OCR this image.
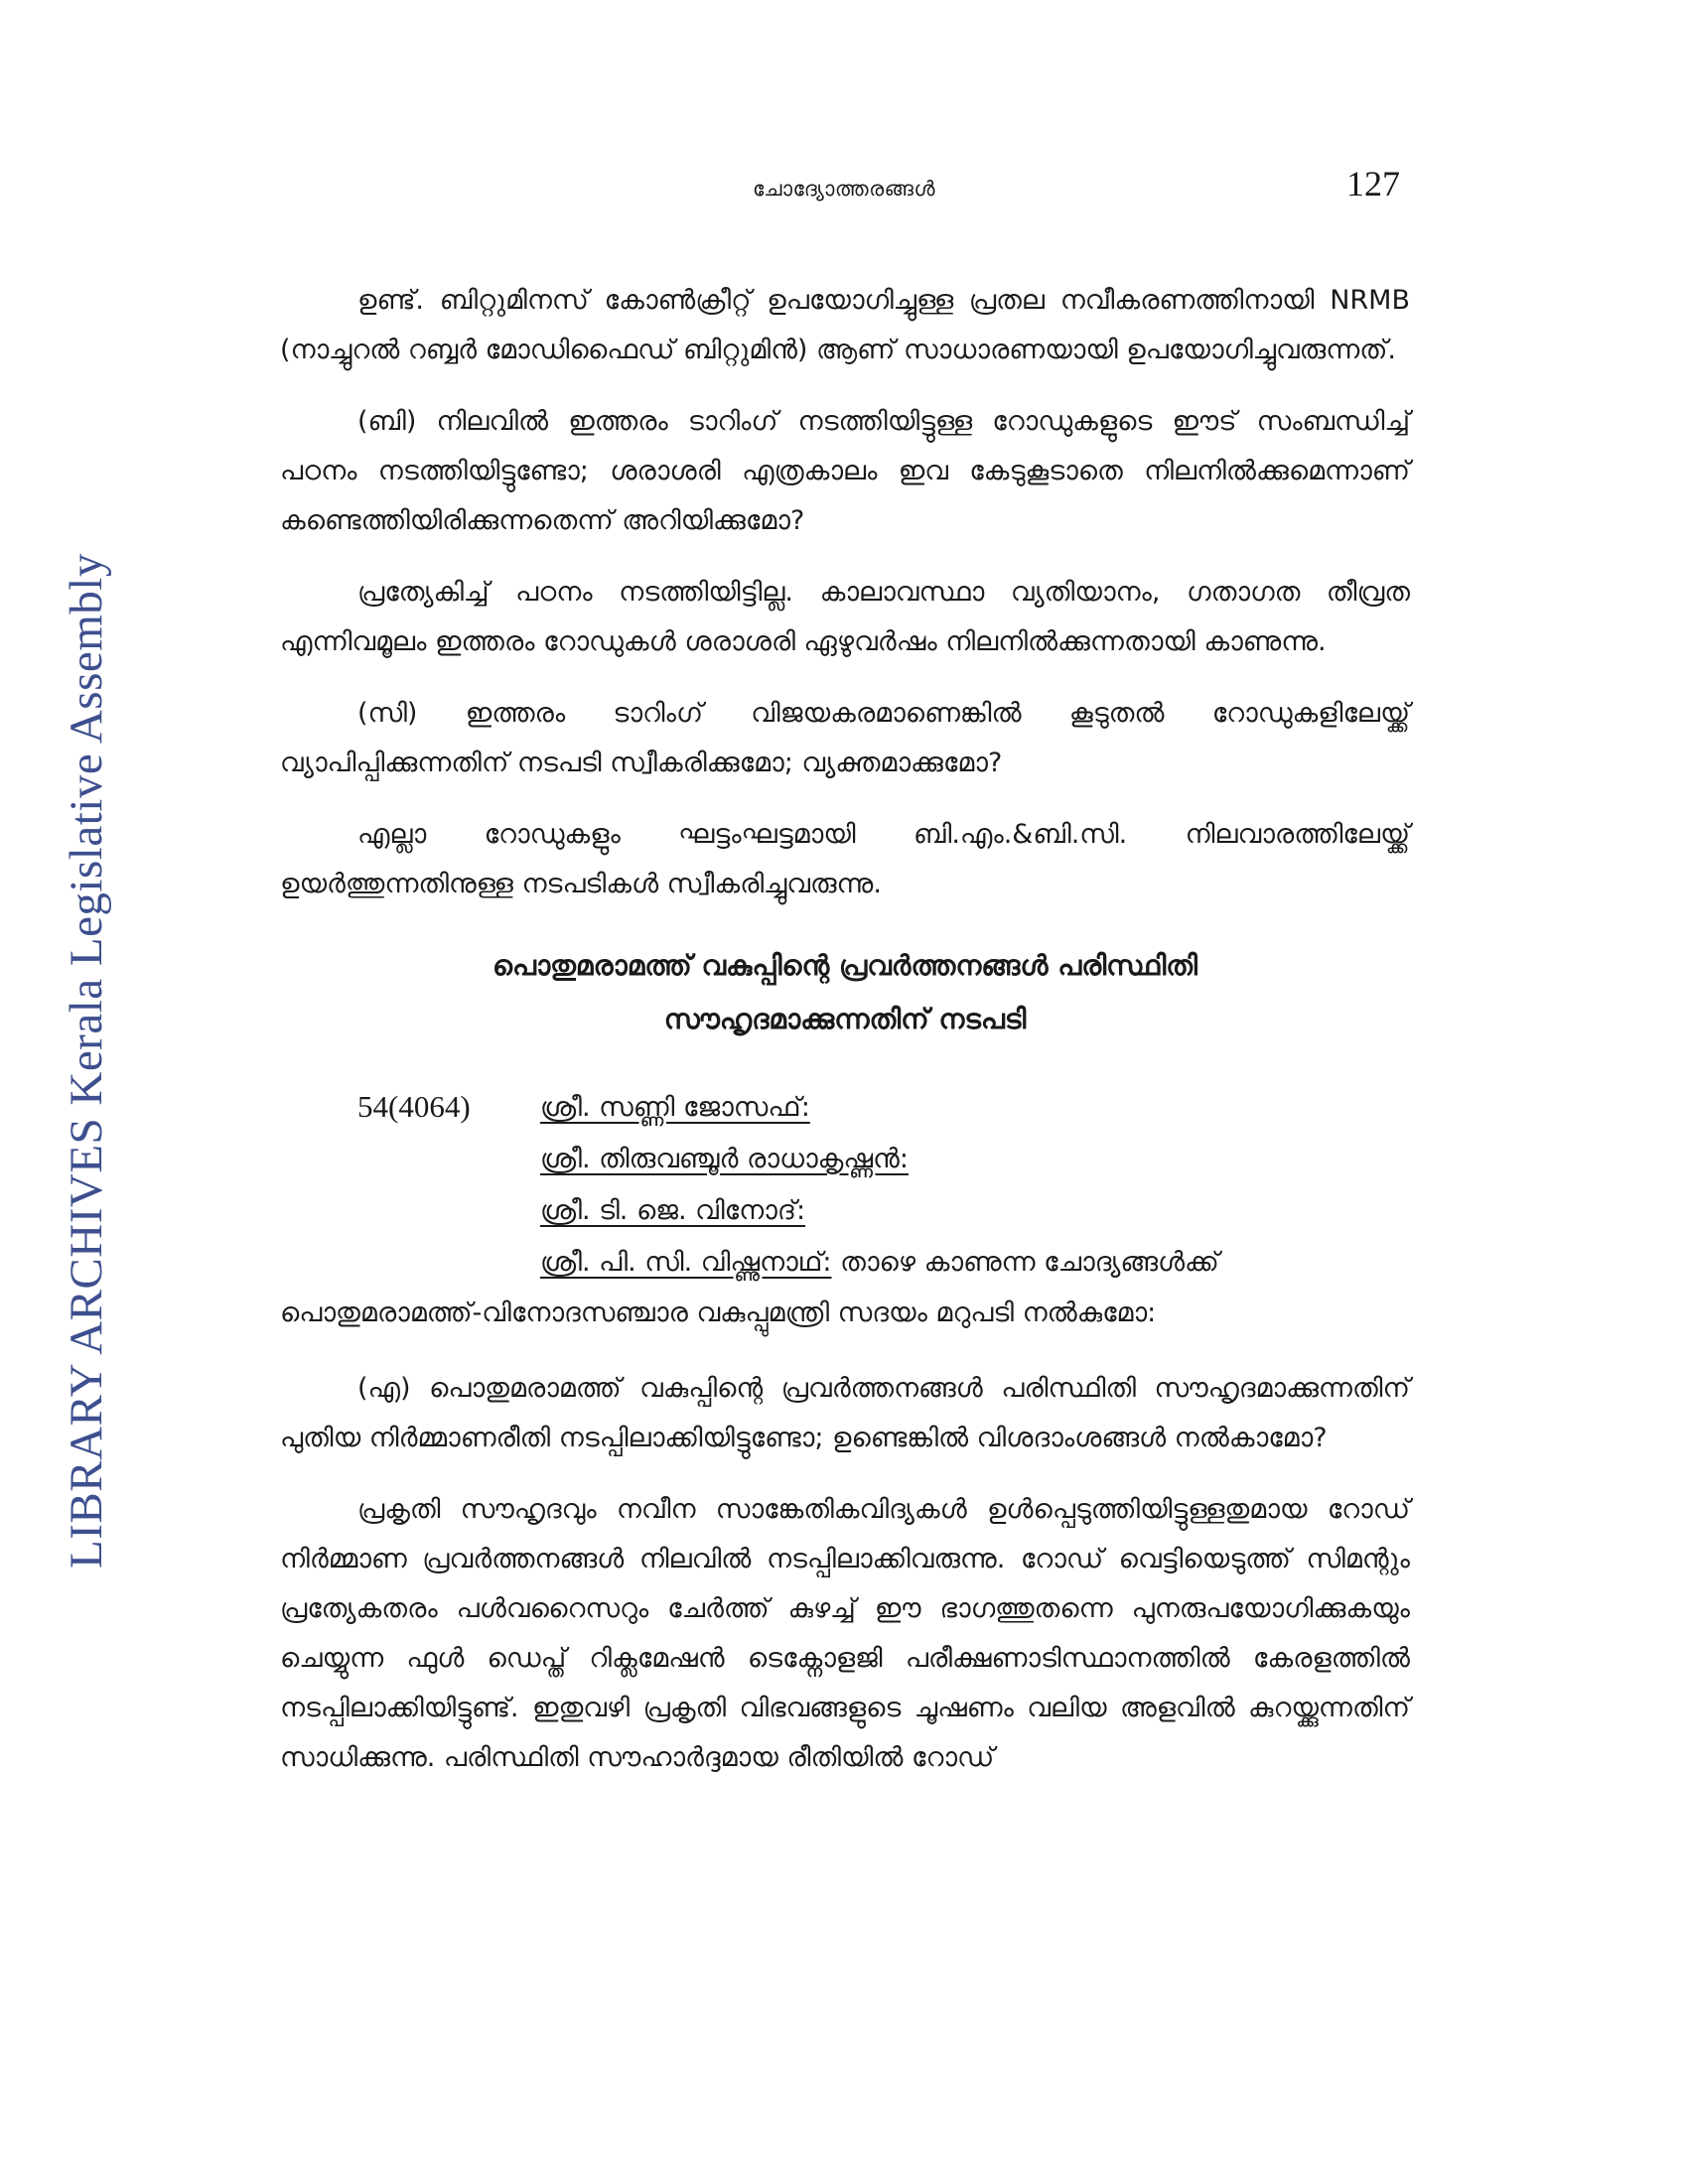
ചോദ്യോത്തരങ്ങൾ	127
LIBRARY ARCHIVES Kerala Legislative Assembly

ഉണ്ട്. ബിറ്റുമിനസ് കോൺക്രീറ്റ് ഉപയോഗിച്ചുള്ള പ്രതല നവീകരണത്തിനായി NRMB (നാച്ചുറൽ റബ്ബർ മോഡിഫൈഡ് ബിറ്റുമിൻ) ആണ് സാധാരണയായി ഉപയോഗിച്ചുവരുന്നത്.

(ബി) നിലവിൽ ഇത്തരം ടാറിംഗ് നടത്തിയിട്ടുള്ള റോഡുകളുടെ ഈട് സംബന്ധിച്ച് പഠനം നടത്തിയിട്ടുണ്ടോ; ശരാശരി എത്രകാലം ഇവ കേടുകൂടാതെ നിലനിൽക്കുമെന്നാണ് കണ്ടെത്തിയിരിക്കുന്നതെന്ന് അറിയിക്കുമോ?

പ്രത്യേകിച്ച് പഠനം നടത്തിയിട്ടില്ല. കാലാവസ്ഥാ വ്യതിയാനം, ഗതാഗത തീവ്രത എന്നിവമൂലം ഇത്തരം റോഡുകൾ ശരാശരി ഏഴുവർഷം നിലനിൽക്കുന്നതായി കാണുന്നു.

(സി) ഇത്തരം ടാറിംഗ് വിജയകരമാണെങ്കിൽ കൂടുതൽ റോഡുകളിലേയ്ക്ക് വ്യാപിപ്പിക്കുന്നതിന് നടപടി സ്വീകരിക്കുമോ; വ്യക്തമാക്കുമോ?

എല്ലാ റോഡുകളും ഘട്ടംഘട്ടമായി ബി.എം.&ബി.സി. നിലവാരത്തിലേയ്ക്ക് ഉയർത്തുന്നതിനുള്ള നടപടികൾ സ്വീകരിച്ചുവരുന്നു.

പൊതുമരാമത്ത് വകുപ്പിന്റെ പ്രവർത്തനങ്ങൾ പരിസ്ഥിതി
സൗഹൃദമാക്കുന്നതിന് നടപടി
54(4064)	ശ്രീ. സണ്ണി ജോസഫ്:
ശ്രീ. തിരുവഞ്ചൂർ രാധാകൃഷ്ണൻ:
ശ്രീ. ടി. ജെ. വിനോദ്:
ശ്രീ. പി. സി. വിഷ്ണുനാഥ്: താഴെ കാണുന്ന ചോദ്യങ്ങൾക്ക്
പൊതുമരാമത്ത്-വിനോദസഞ്ചാര വകുപ്പുമന്ത്രി സദയം മറുപടി നൽകുമോ:

(എ) പൊതുമരാമത്ത് വകുപ്പിന്റെ പ്രവർത്തനങ്ങൾ പരിസ്ഥിതി സൗഹൃദമാക്കുന്നതിന് പുതിയ നിർമ്മാണരീതി നടപ്പിലാക്കിയിട്ടുണ്ടോ; ഉണ്ടെങ്കിൽ വിശദാംശങ്ങൾ നൽകാമോ?

പ്രകൃതി സൗഹൃദവും നവീന സാങ്കേതികവിദ്യകൾ ഉൾപ്പെടുത്തിയിട്ടുള്ളതുമായ റോഡ് നിർമ്മാണ പ്രവർത്തനങ്ങൾ നിലവിൽ നടപ്പിലാക്കിവരുന്നു. റോഡ് വെട്ടിയെടുത്ത് സിമന്റും പ്രത്യേകതരം പൾവറൈസറും ചേർത്ത് കുഴച്ച് ഈ ഭാഗത്തുതന്നെ പുനരുപയോഗിക്കുകയും ചെയ്യുന്ന ഫുൾ ഡെപ്ത് റിക്ലമേഷൻ ടെക്നോളജി പരീക്ഷണാടിസ്ഥാനത്തിൽ കേരളത്തിൽ നടപ്പിലാക്കിയിട്ടുണ്ട്. ഇതുവഴി പ്രകൃതി വിഭവങ്ങളുടെ ചൂഷണം വലിയ അളവിൽ കുറയ്ക്കുന്നതിന് സാധിക്കുന്നു. പരിസ്ഥിതി സൗഹാർദ്ദമായ രീതിയിൽ റോഡ്
